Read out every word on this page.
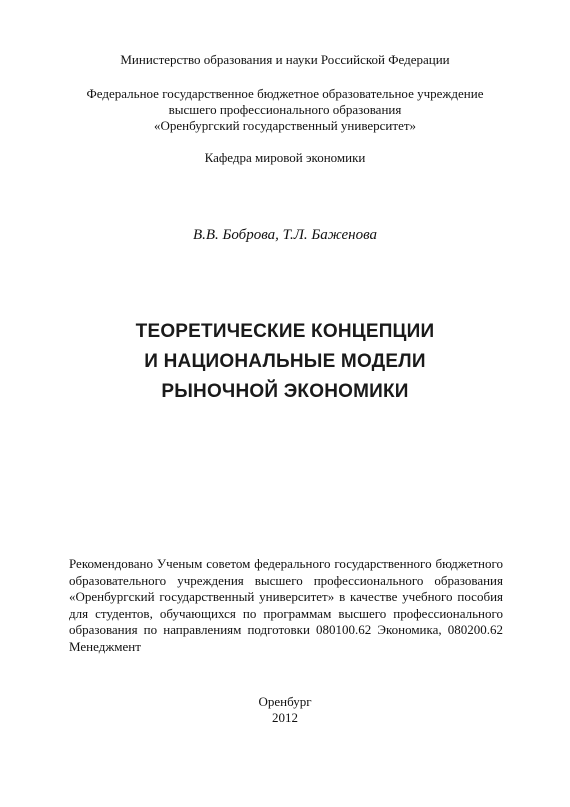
Министерство образования и науки Российской Федерации
Федеральное государственное бюджетное образовательное учреждение
высшего профессионального образования
«Оренбургский государственный университет»
Кафедра мировой экономики
В.В. Боброва, Т.Л. Баженова
ТЕОРЕТИЧЕСКИЕ КОНЦЕПЦИИ
И НАЦИОНАЛЬНЫЕ МОДЕЛИ
РЫНОЧНОЙ ЭКОНОМИКИ
Рекомендовано Ученым советом федерального государственного бюджетного
образовательного учреждения высшего профессионального образования
«Оренбургский государственный университет» в качестве учебного пособия
для студентов, обучающихся по программам высшего профессионального
образования по направлениям подготовки 080100.62 Экономика, 080200.62
Менеджмент
Оренбург
2012
